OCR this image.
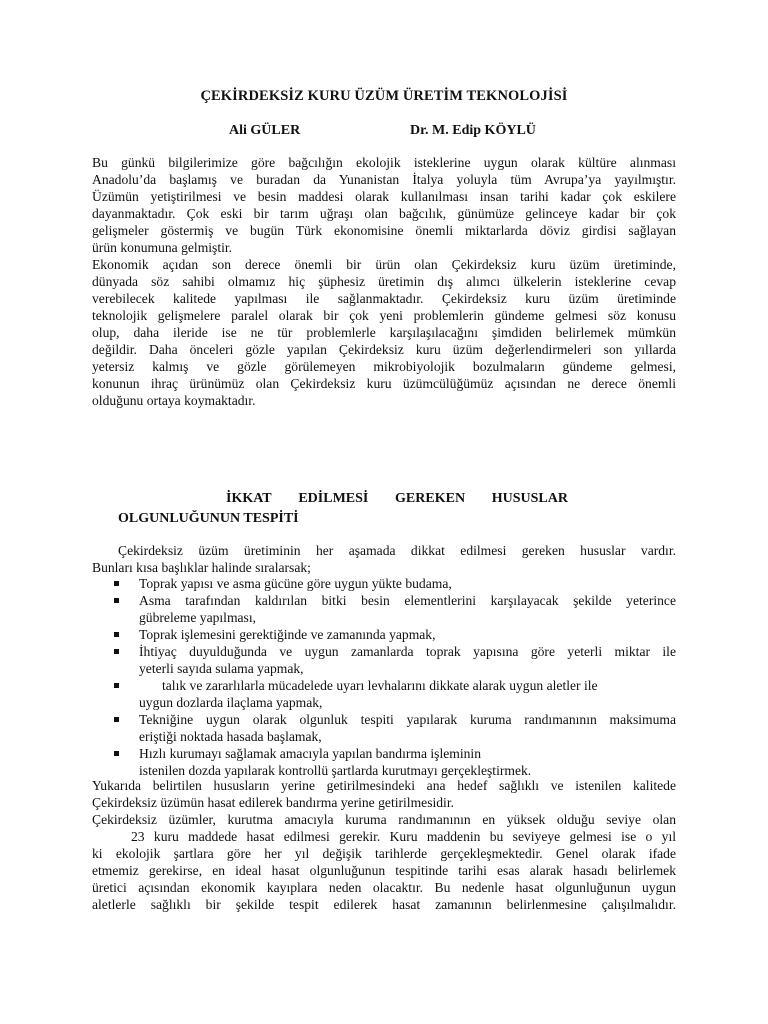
ÇEKİRDEKSİZ KURU ÜZÜM ÜRETİM TEKNOLOJİSİ
Ali GÜLER	Dr. M. Edip KÖYLÜ
Bu günkü bilgilerimize göre bağcılığın ekolojik isteklerine uygun olarak kültüre alınması
Anadolu’da başlamış ve buradan da Yunanistan İtalya yoluyla tüm Avrupa’ya yayılmıştır.
Üzümün yetiştirilmesi ve besin maddesi olarak kullanılması insan tarihi kadar çok eskilere
dayanmaktadır. Çok eski bir tarım uğraşı olan bağcılık, günümüze gelinceye kadar bir çok
gelişmeler göstermiş ve bugün Türk ekonomisine önemli miktarlarda döviz girdisi sağlayan
ürün konumuna gelmiştir.
Ekonomik açıdan son derece önemli bir ürün olan Çekirdeksiz kuru üzüm üretiminde,
dünyada söz sahibi olmamız hiç şüphesiz üretimin dış alımcı ülkelerin isteklerine cevap
verebilecek kalitede yapılması ile sağlanmaktadır. Çekirdeksiz kuru üzüm üretiminde
teknolojik gelişmelere paralel olarak bir çok yeni problemlerin gündeme gelmesi söz konusu
olup, daha ileride ise ne tür problemlerle karşılaşılacağını şimdiden belirlemek mümkün
değildir. Daha önceleri gözle yapılan Çekirdeksiz kuru üzüm değerlendirmeleri son yıllarda
yetersiz kalmış ve gözle görülemeyen mikrobiyolojik bozulmaların gündeme gelmesi,
konunun ihraç ürünümüz olan Çekirdeksiz kuru üzümcülüğümüz açısından ne derece önemli
olduğunu ortaya koymaktadır.
İKKAT EDİLMESİ GEREKEN HUSUSLAR
OLGUNLUĞUNUN TESPİTİ
Çekirdeksiz üzüm üretiminin her aşamada dikkat edilmesi gereken hususlar vardır.
Bunları kısa başlıklar halinde sıralarsak;
Toprak yapısı ve asma gücüne göre uygun yükte budama,
Asma tarafından kaldırılan bitki besin elementlerini karşılayacak şekilde yeterince
gübreleme yapılması,
Toprak işlemesini gerektiğinde ve zamanında yapmak,
İhtiyaç duyulduğunda ve uygun zamanlarda toprak yapısına göre yeterli miktar ile
yeterli sayıda sulama yapmak,
talık ve zararlılarla mücadelede uyarı levhalarını dikkate alarak uygun aletler ile
uygun dozlarda ilaçlama yapmak,
Tekniğine uygun olarak olgunluk tespiti yapılarak kuruma randımanının maksimuma
eriştiği noktada hasada başlamak,
Hızlı kurumayı sağlamak amacıyla yapılan bandırma işleminin
istenilen dozda yapılarak kontrollü şartlarda kurutmayı gerçekleştirmek.
Yukarıda belirtilen hususların yerine getirilmesindeki ana hedef sağlıklı ve istenilen kalitede
Çekirdeksiz üzümün hasat edilerek bandırma yerine getirilmesidir.
Çekirdeksiz üzümler, kurutma amacıyla kuruma randımanının en yüksek olduğu seviye olan
23 kuru maddede hasat edilmesi gerekir. Kuru maddenin bu seviyeye gelmesi ise o yıl
ki ekolojik şartlara göre her yıl değişik tarihlerde gerçekleşmektedir. Genel olarak ifade
etmemiz gerekirse, en ideal hasat olgunluğunun tespitinde tarihi esas alarak hasadı belirlemek
üretici açısından ekonomik kayıplara neden olacaktır. Bu nedenle hasat olgunluğunun uygun
aletlerle sağlıklı bir şekilde tespit edilerek hasat zamanının belirlenmesine çalışılmalıdır.
